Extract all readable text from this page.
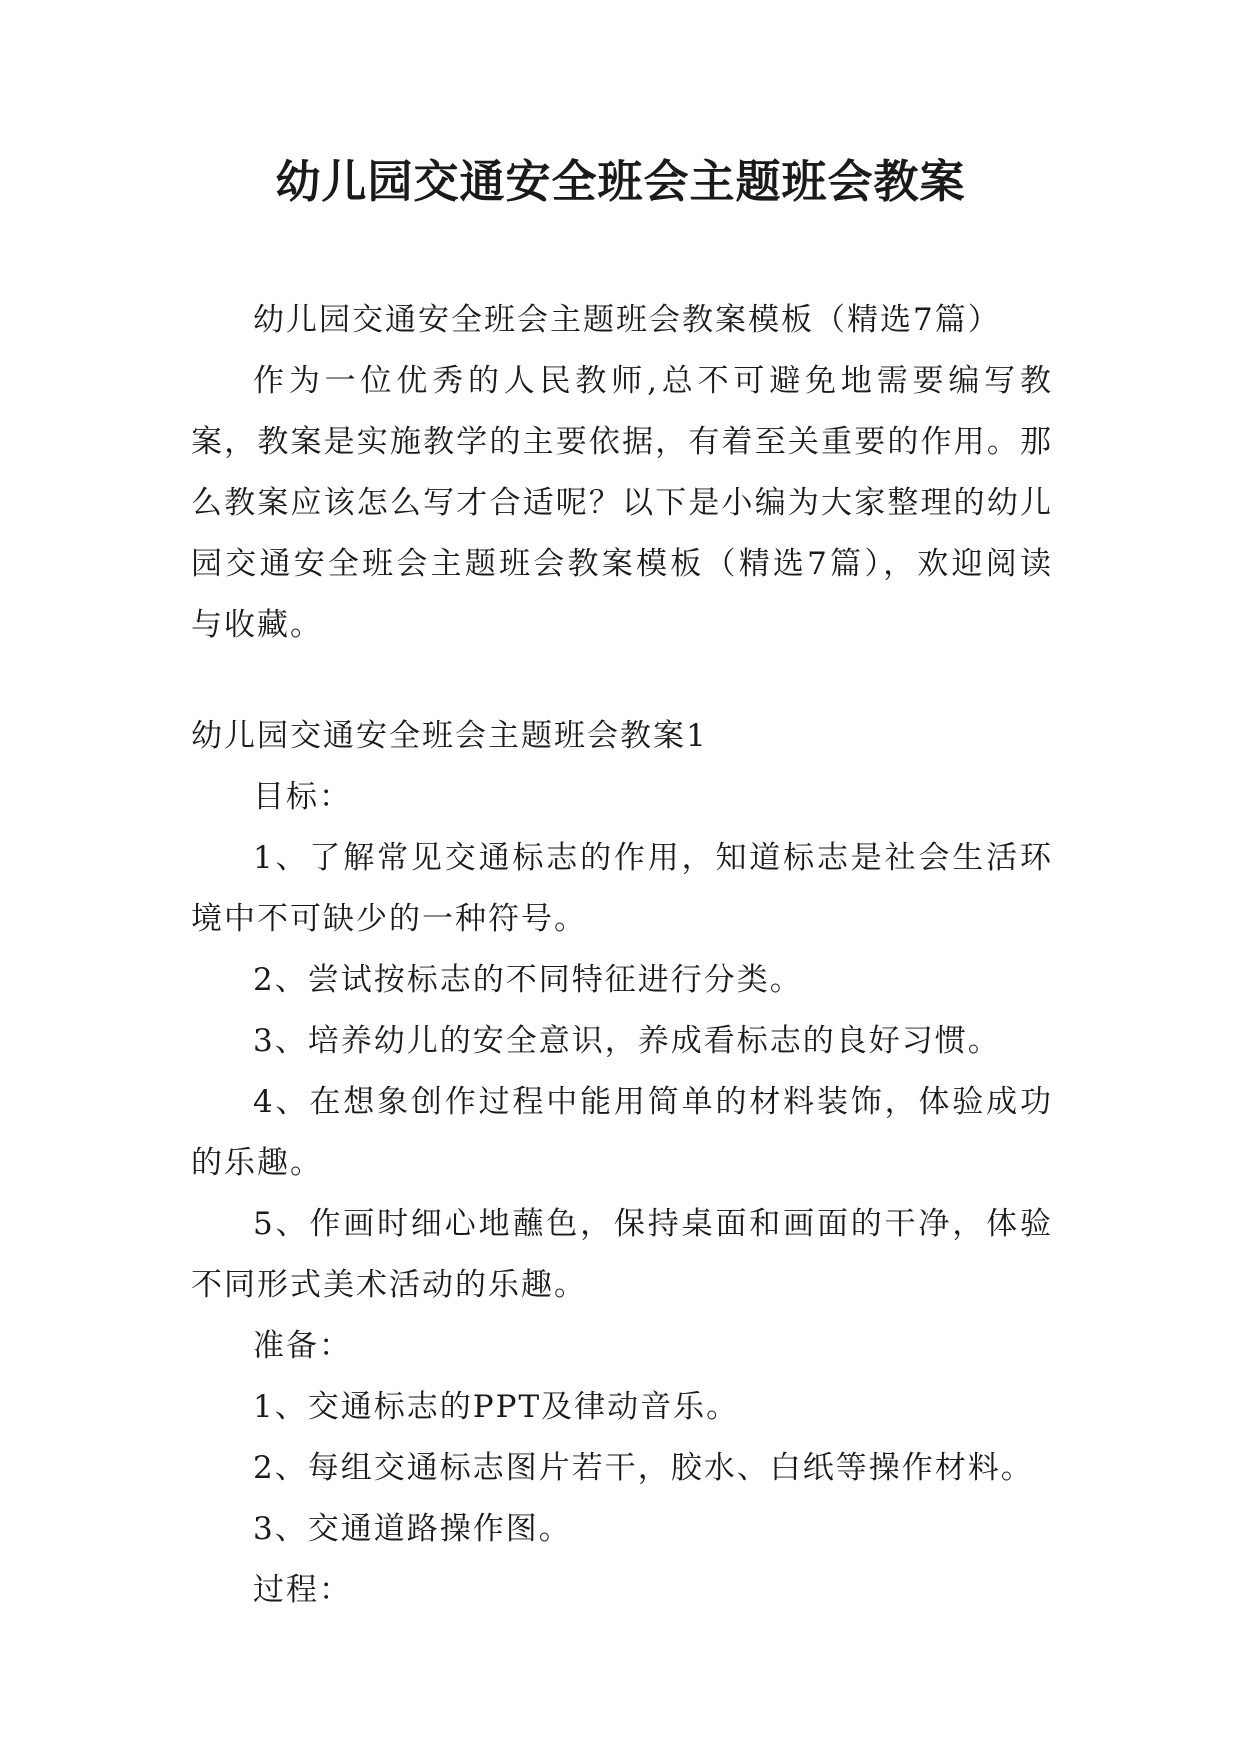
幼儿园交通安全班会主题班会教案

幼儿园交通安全班会主题班会教案模板（精选7篇）

作为一位优秀的人民教师,总不可避免地需要编写教案，教案是实施教学的主要依据，有着至关重要的作用。那么教案应该怎么写才合适呢？以下是小编为大家整理的幼儿园交通安全班会主题班会教案模板（精选7篇），欢迎阅读与收藏。

幼儿园交通安全班会主题班会教案1

目标：

1、了解常见交通标志的作用，知道标志是社会生活环境中不可缺少的一种符号。

2、尝试按标志的不同特征进行分类。

3、培养幼儿的安全意识，养成看标志的良好习惯。

4、在想象创作过程中能用简单的材料装饰，体验成功的乐趣。

5、作画时细心地蘸色，保持桌面和画面的干净，体验不同形式美术活动的乐趣。

准备：

1、交通标志的PPT及律动音乐。

2、每组交通标志图片若干，胶水、白纸等操作材料。

3、交通道路操作图。

过程：
